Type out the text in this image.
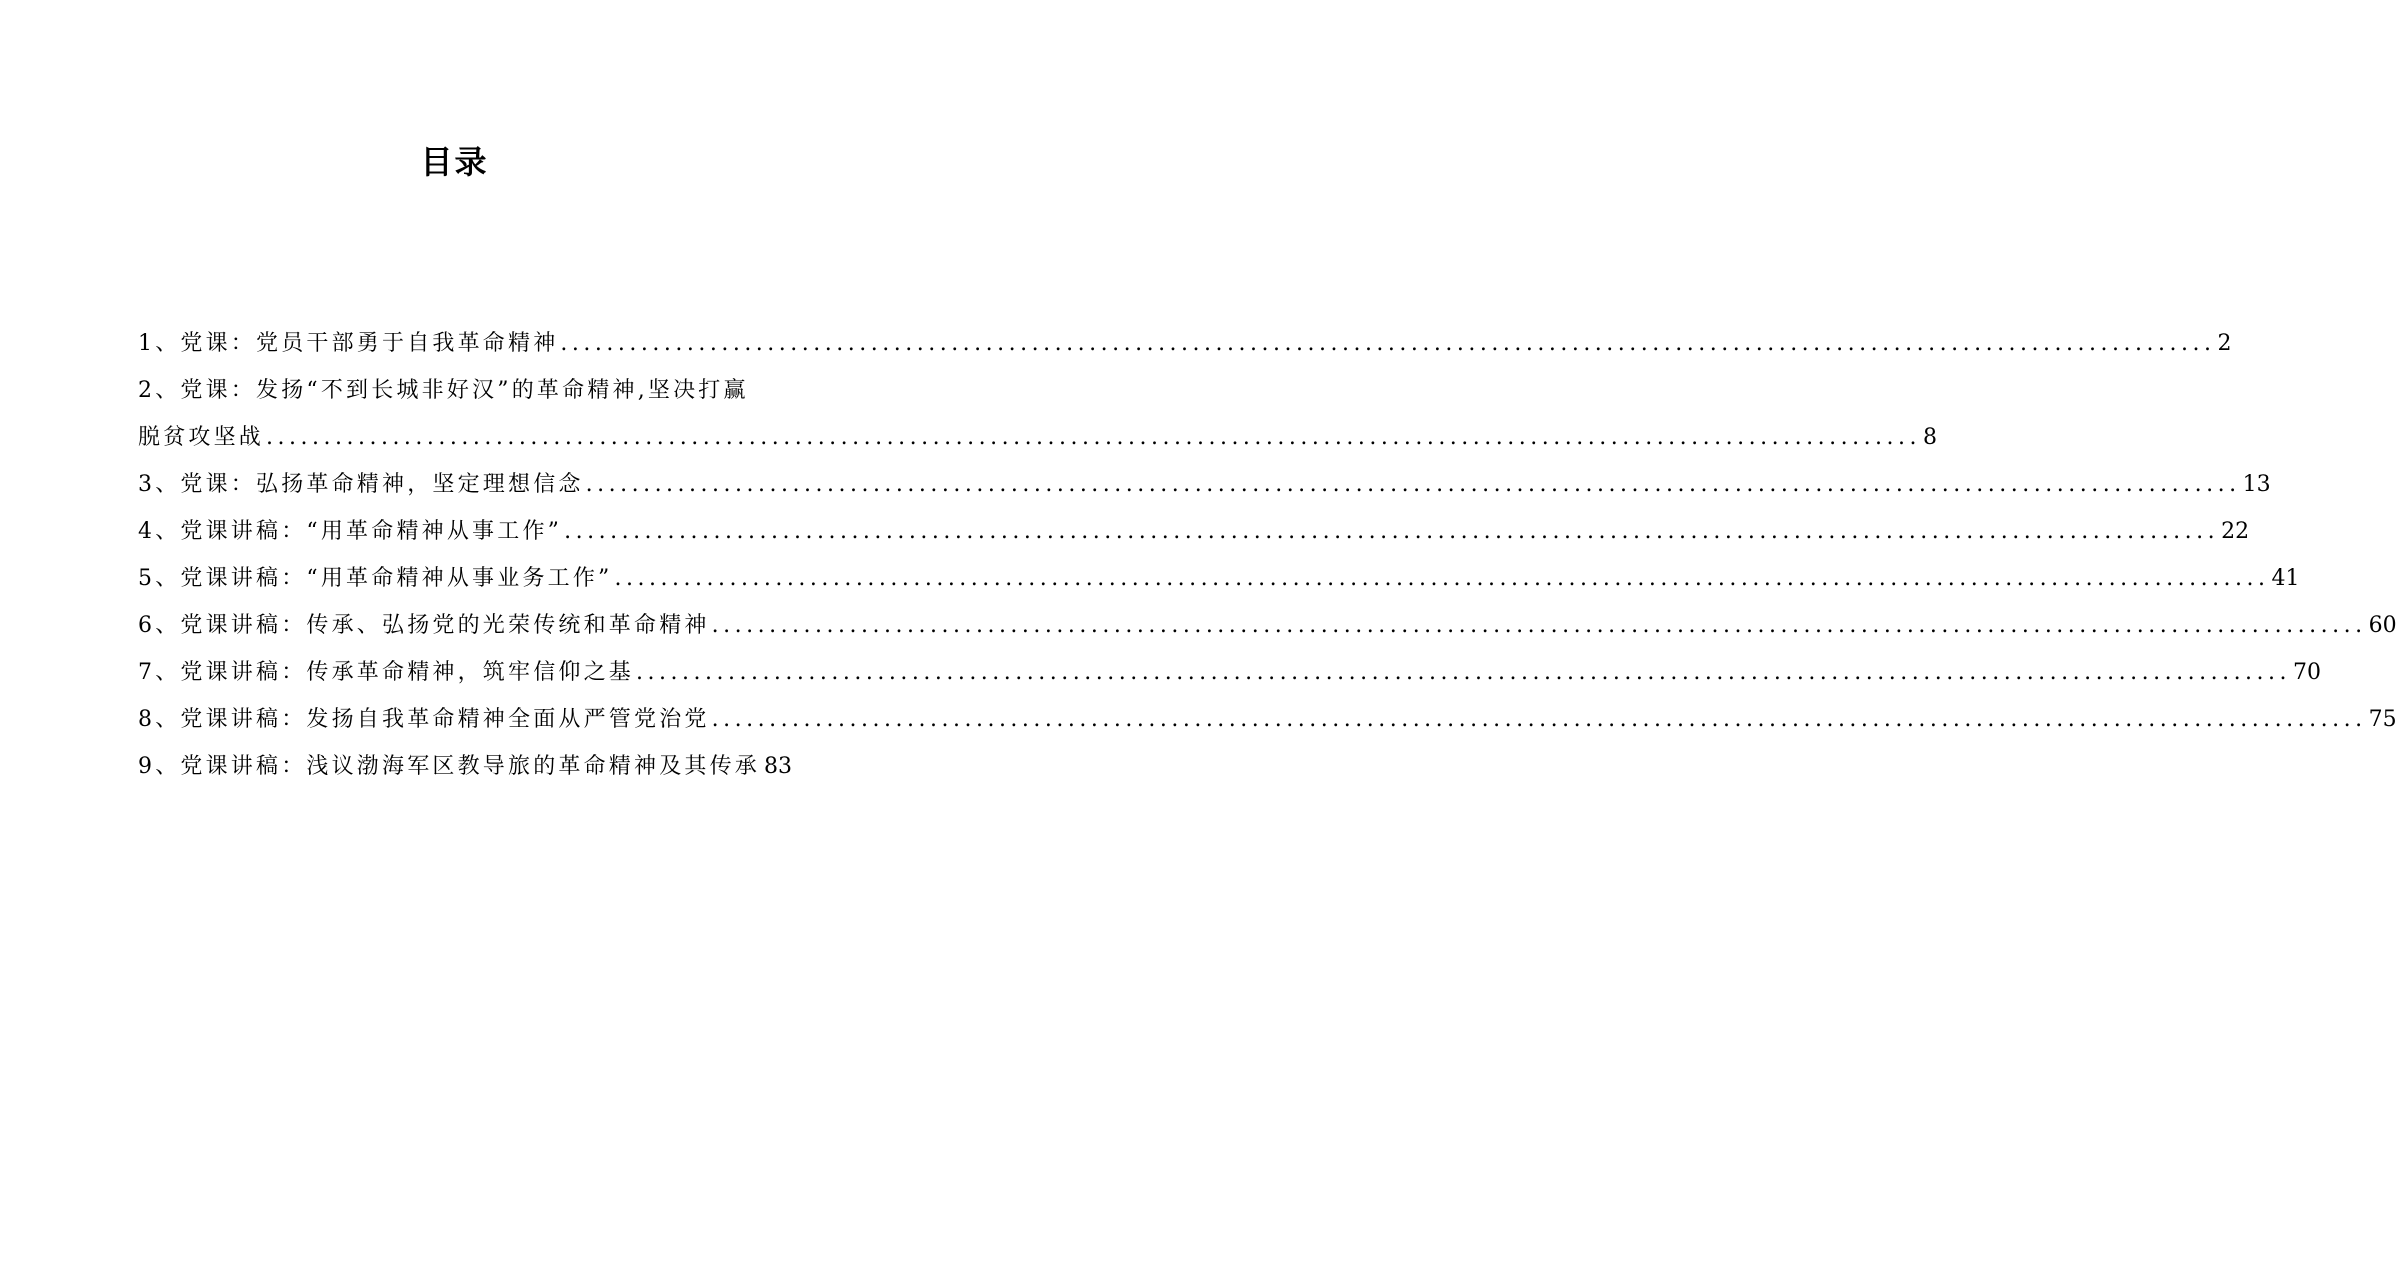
目录
1、 党课：党员干部勇于自我革命精神 .....	2
2、 党课：发扬“不到长城非好汉”的革命精神,坚决打赢
脱贫攻坚战 .....	8
3、 党课：弘扬革命精神，坚定理想信念 .....	13
4、 党课讲稿：“用革命精神从事工作” .....	22
5、 党课讲稿：“用革命精神从事业务工作” .....	41
6、 党课讲稿：传承、弘扬党的光荣传统和革命精神 .....	60
7、 党课讲稿：传承革命精神，筑牢信仰之基 .....	70
8、 党课讲稿：发扬自我革命精神全面从严管党治党 .....	75
9、 党课讲稿：浅议渤海军区教导旅的革命精神及其传承 83
